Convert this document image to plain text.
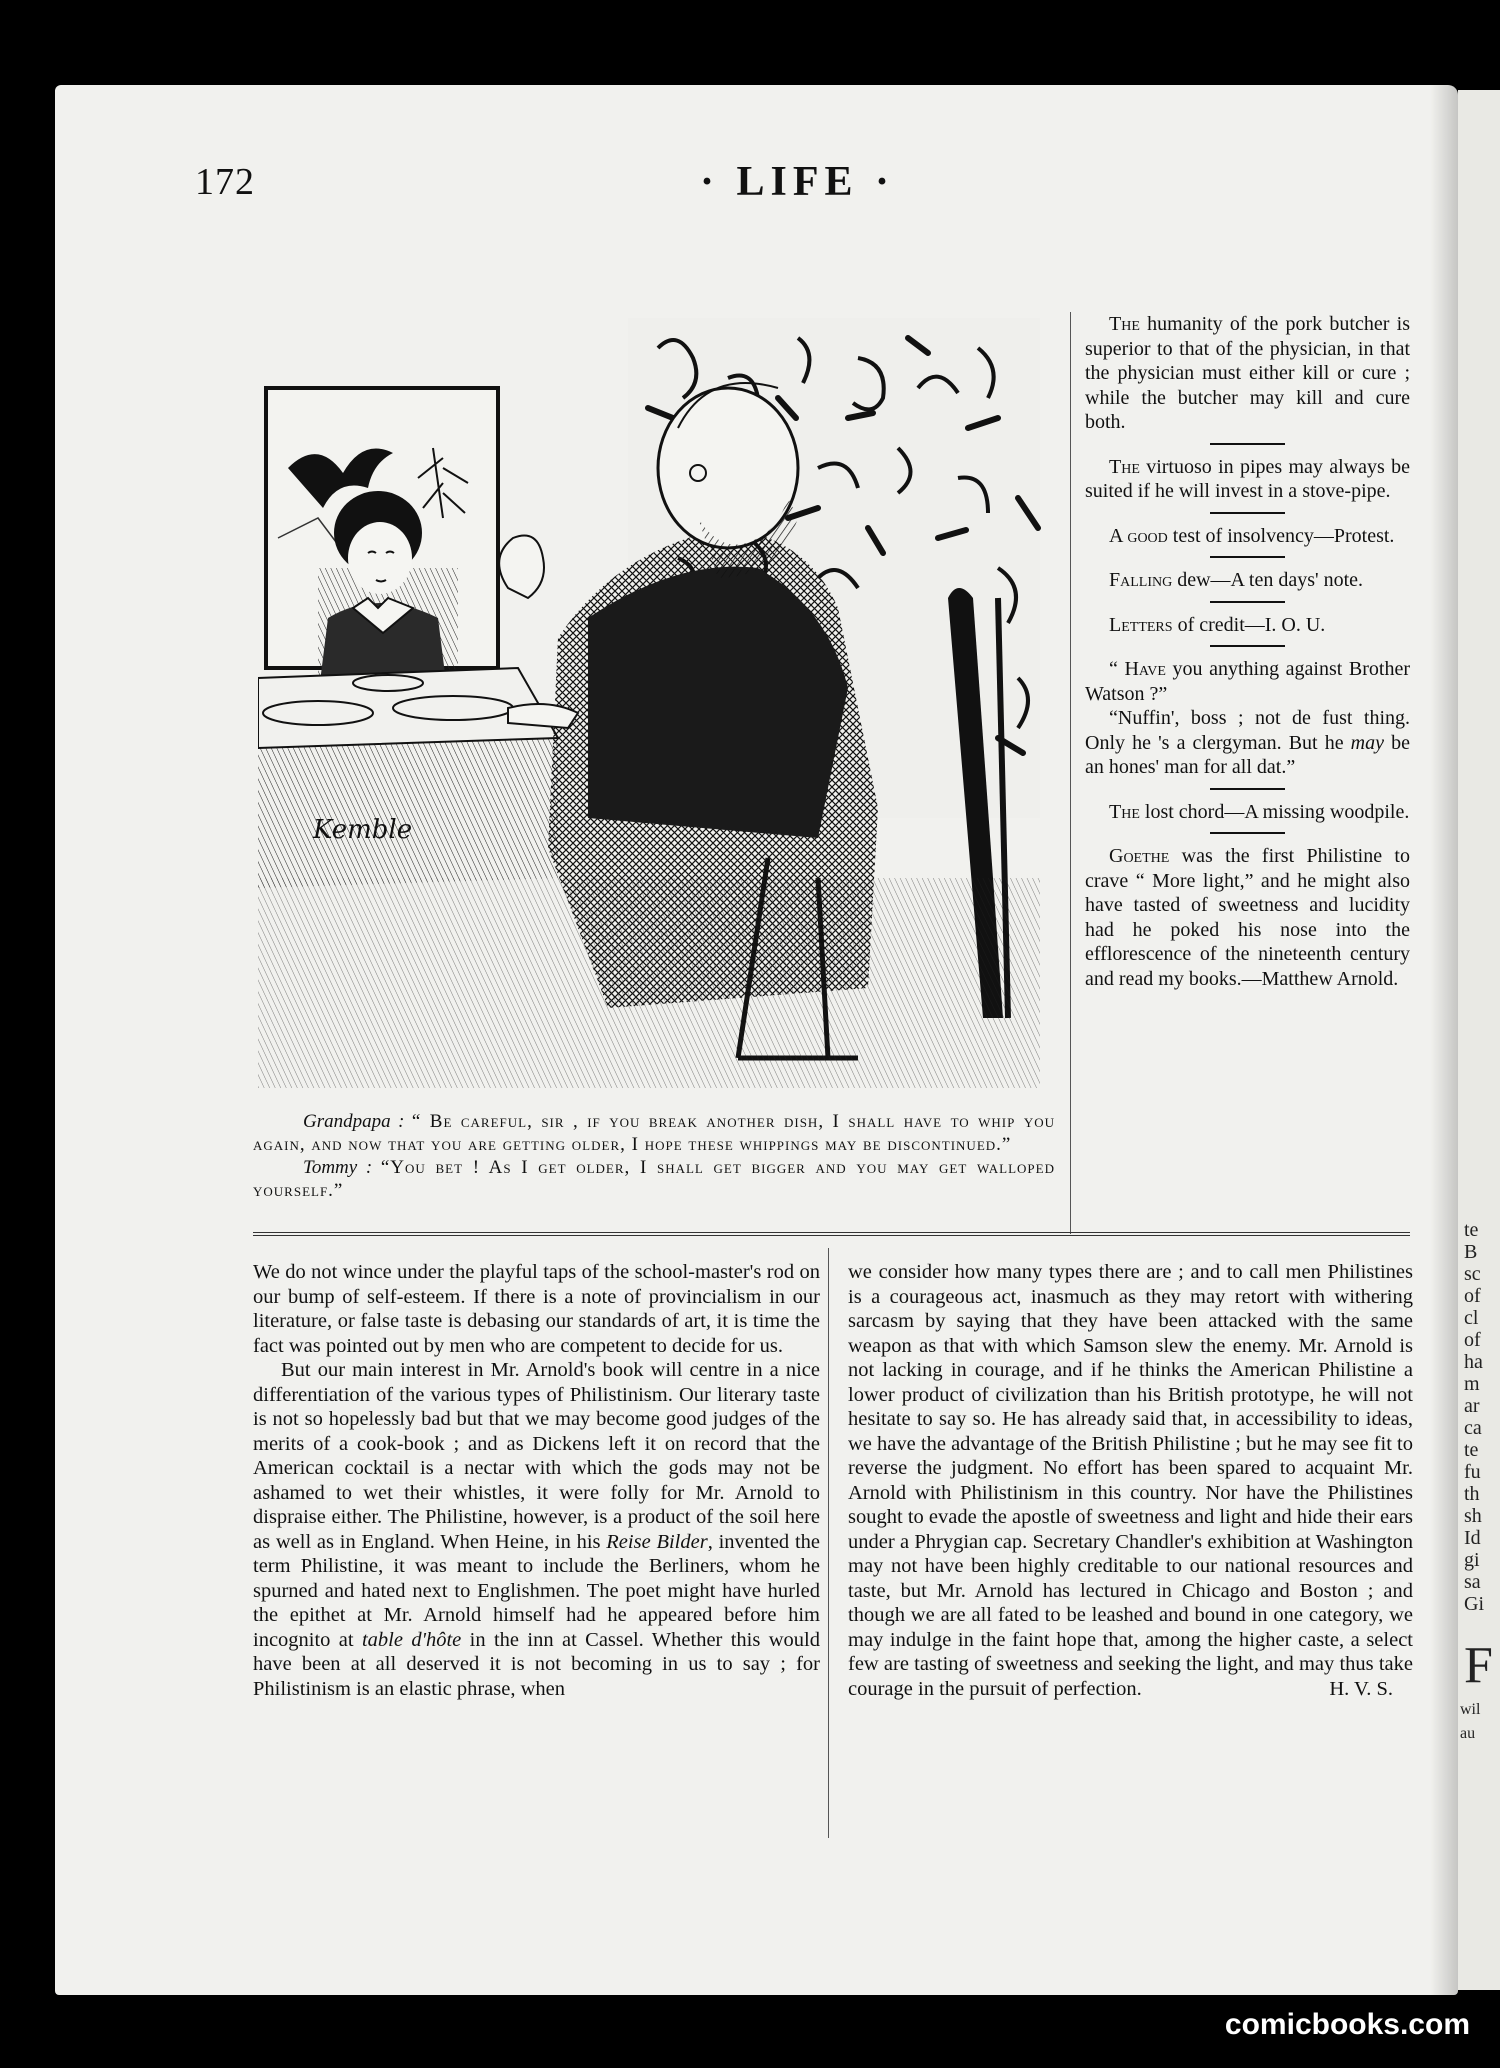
te
B
sc
of
cl
of
ha
m
ar
ca
te
fu
th
sh
Id
gi
sa
Gi
F
wil
au
172	· LIFE ·
Kemble

Grandpapa : “ Be careful, sir , if you break another dish, I shall have to whip you again, and now that you are getting older, I hope these whippings may be discontinued.”

Tommy : “You bet ! As I get older, I shall get bigger and you may get walloped yourself.”

The humanity of the pork butcher is superior to that of the physician, in that the physician must either kill or cure ; while the butcher may kill and cure both.

The virtuoso in pipes may always be suited if he will invest in a stove-pipe.

A good test of insolvency—Protest.

Falling dew—A ten days' note.

Letters of credit—I. O. U.

“ Have you anything against Brother Watson ?”

“Nuffin', boss ; not de fust thing. Only he 's a clergyman. But he may be an hones' man for all dat.”

The lost chord—A missing woodpile.

Goethe was the first Philistine to crave “ More light,” and he might also have tasted of sweetness and lucidity had he poked his nose into the efflorescence of the nineteenth century and read my books.—Matthew Arnold.

We do not wince under the playful taps of the school-master's rod on our bump of self-esteem. If there is a note of provincialism in our literature, or false taste is debasing our standards of art, it is time the fact was pointed out by men who are competent to decide for us.

But our main interest in Mr. Arnold's book will centre in a nice differentiation of the various types of Philistinism. Our literary taste is not so hopelessly bad but that we may become good judges of the merits of a cook-book ; and as Dickens left it on record that the American cocktail is a nectar with which the gods may not be ashamed to wet their whistles, it were folly for Mr. Arnold to dispraise either. The Philistine, however, is a product of the soil here as well as in England. When Heine, in his Reise Bilder, invented the term Philistine, it was meant to include the Berliners, whom he spurned and hated next to Englishmen. The poet might have hurled the epithet at Mr. Arnold himself had he appeared before him incognito at table d'hôte in the inn at Cassel. Whether this would have been at all deserved it is not becoming in us to say ; for Philistinism is an elastic phrase, when

we consider how many types there are ; and to call men Philistines is a courageous act, inasmuch as they may retort with withering sarcasm by saying that they have been attacked with the same weapon as that with which Samson slew the enemy. Mr. Arnold is not lacking in courage, and if he thinks the American Philistine a lower product of civilization than his British prototype, he will not hesitate to say so. He has already said that, in accessibility to ideas, we have the advantage of the British Philistine ; but he may see fit to reverse the judgment. No effort has been spared to acquaint Mr. Arnold with Philistinism in this country. Nor have the Philistines sought to evade the apostle of sweetness and light and hide their ears under a Phrygian cap. Secretary Chandler's exhibition at Washington may not have been highly creditable to our national resources and taste, but Mr. Arnold has lectured in Chicago and Boston ; and though we are all fated to be leashed and bound in one category, we may indulge in the faint hope that, among the higher caste, a select few are tasting of sweetness and seeking the light, and may thus take courage in the pursuit of perfection.	H. V. S.

comicbooks.com
